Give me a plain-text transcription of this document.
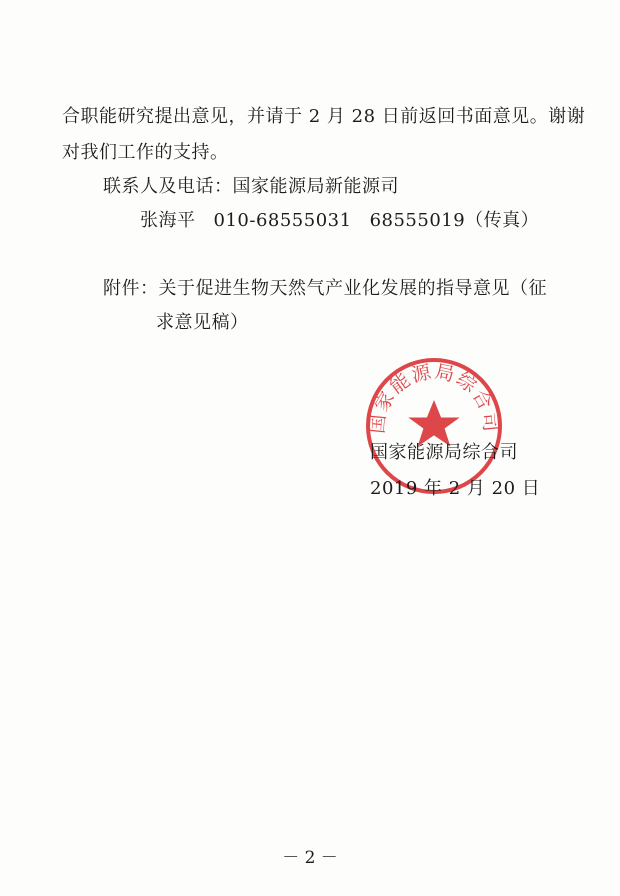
合职能研究提出意见，并请于 2 月 28 日前返回书面意见。谢谢
对我们工作的支持。
联系人及电话：国家能源局新能源司
张海平 010-68555031 68555019（传真）
附件：关于促进生物天然气产业化发展的指导意见（征
求意见稿）
国家能源局综合司
国家能源局综合司
2019 年 2 月 20 日
－ 2 －
